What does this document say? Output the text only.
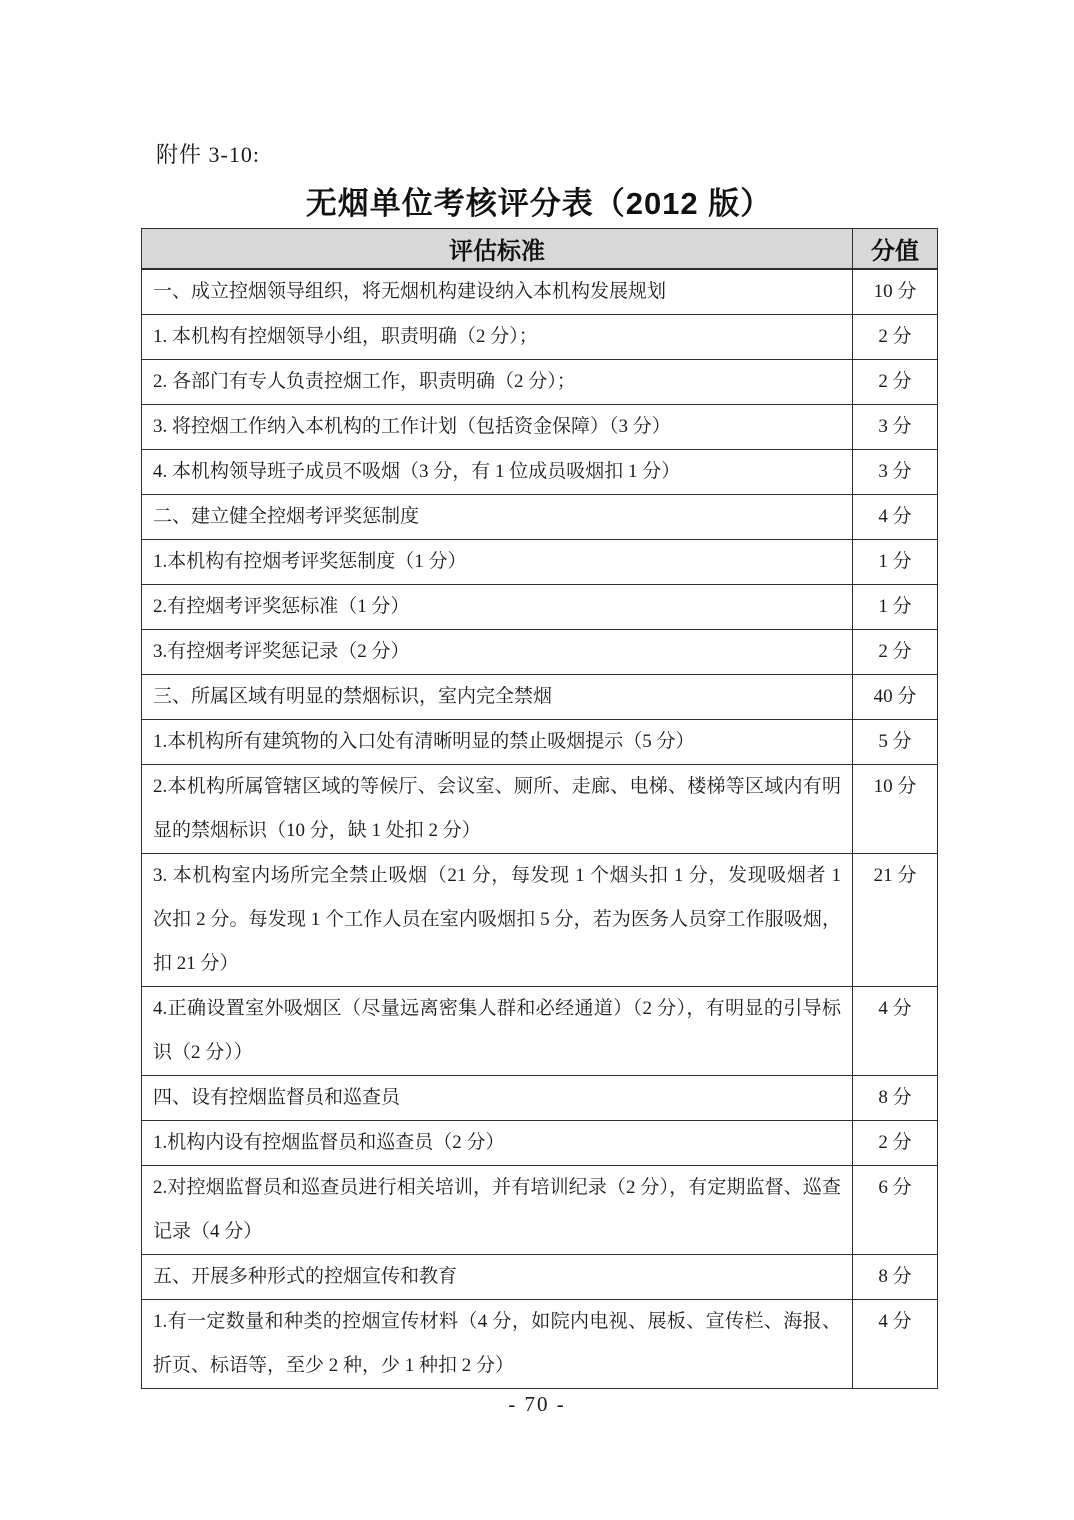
附件 3-10:
无烟单位考核评分表（2012 版）
评估标准	分值
一、成立控烟领导组织，将无烟机构建设纳入本机构发展规划	10 分
1. 本机构有控烟领导小组，职责明确（2 分）；	2 分
2. 各部门有专人负责控烟工作，职责明确（2 分）；	2 分
3. 将控烟工作纳入本机构的工作计划（包括资金保障）（3 分）	3 分
4. 本机构领导班子成员不吸烟（3 分，有 1 位成员吸烟扣 1 分）	3 分
二、建立健全控烟考评奖惩制度	4 分
1.本机构有控烟考评奖惩制度（1 分）	1 分
2.有控烟考评奖惩标准（1 分）	1 分
3.有控烟考评奖惩记录（2 分）	2 分
三、所属区域有明显的禁烟标识，室内完全禁烟	40 分
1.本机构所有建筑物的入口处有清晰明显的禁止吸烟提示（5 分）	5 分
2.本机构所属管辖区域的等候厅、会议室、厕所、走廊、电梯、楼梯等区域内有明显的禁烟标识（10 分，缺 1 处扣 2 分）	10 分
3. 本机构室内场所完全禁止吸烟（21 分，每发现 1 个烟头扣 1 分，发现吸烟者 1 次扣 2 分。每发现 1 个工作人员在室内吸烟扣 5 分，若为医务人员穿工作服吸烟，扣 21 分）	21 分
4.正确设置室外吸烟区（尽量远离密集人群和必经通道）（2 分），有明显的引导标识（2 分））	4 分
四、设有控烟监督员和巡查员	8 分
1.机构内设有控烟监督员和巡查员（2 分）	2 分
2.对控烟监督员和巡查员进行相关培训，并有培训纪录（2 分），有定期监督、巡查记录（4 分）	6 分
五、开展多种形式的控烟宣传和教育	8 分
1.有一定数量和种类的控烟宣传材料（4 分，如院内电视、展板、宣传栏、海报、折页、标语等，至少 2 种，少 1 种扣 2 分）	4 分
- 70 -
